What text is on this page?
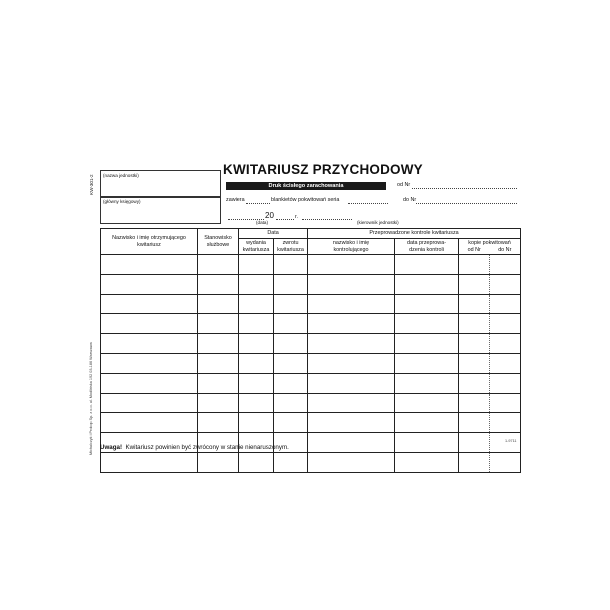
KW-301-2
Michalczyk i Prokop Sp. z o.o. ul. Modlińska 192 03-186 Warszawa
(nazwa jednostki)
(główny księgowy)
KWITARIUSZ PRZYCHODOWY
Druk ścisłego zarachowania	od Nr
zawiera	blankietów pokwitowań seria	do Nr
20	r.
(data)	(kierownik jednostki)
Nazwisko i imię otrzymującego kwitariusz	Stanowisko służbowe	Data		Przeprowadzone kontrole kwitariusza			
		wydania kwitariusza	zwrotu kwitariusza	nazwisko i imię kontrolującego	data przeprowa-dzenia kontroli	kopie pokwitowań	
						od Nr	do Nr

1-9711
Uwaga! Kwitariusz powinien być zwrócony w stanie nienaruszonym.
